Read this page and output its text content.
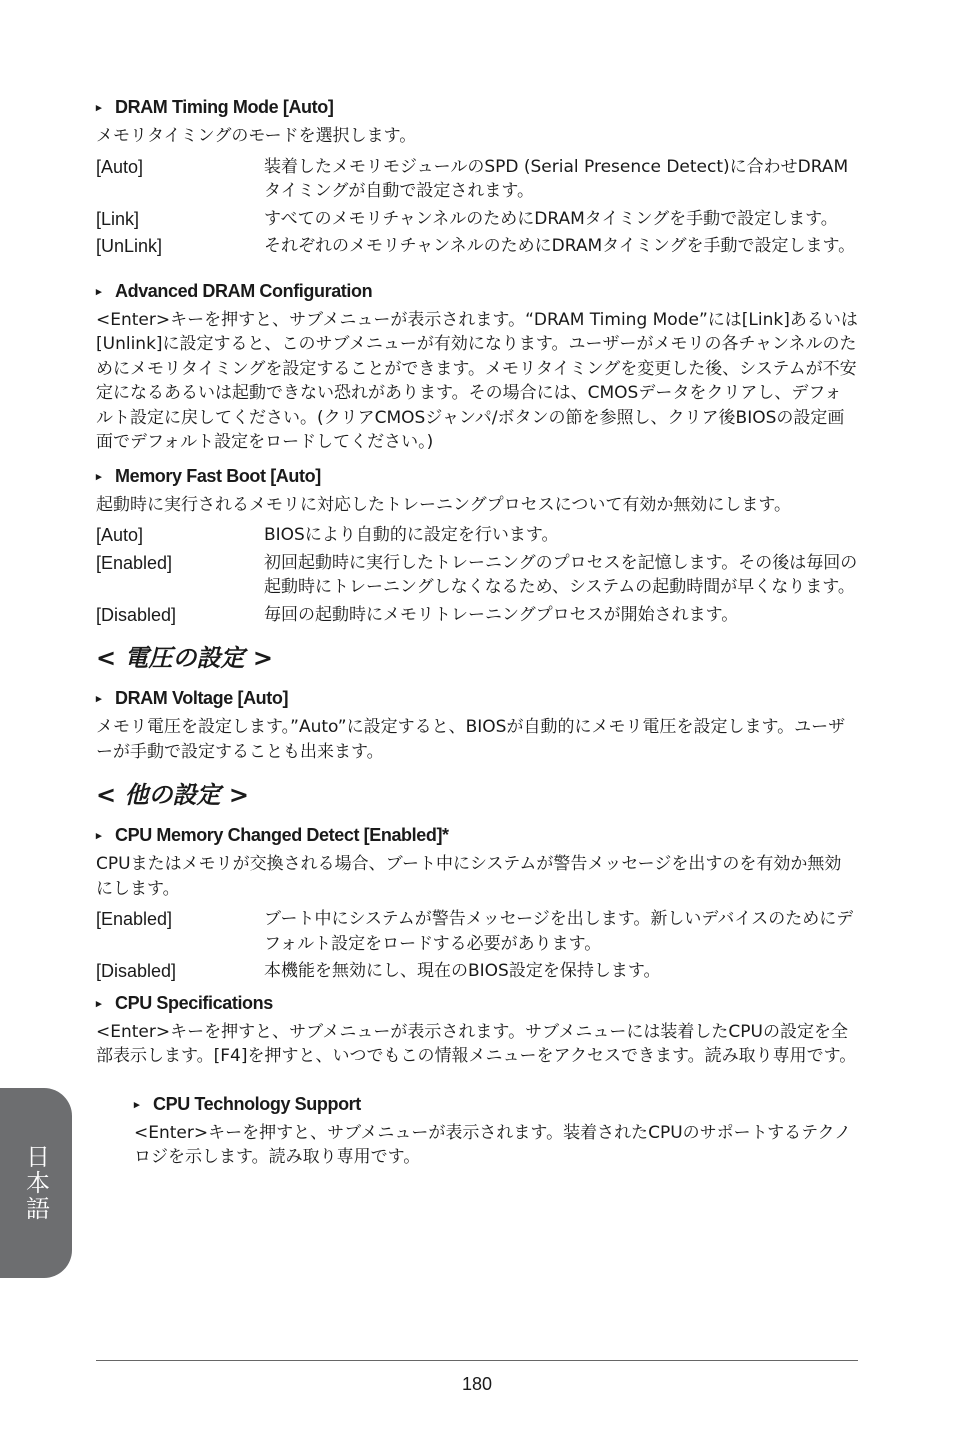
▸ DRAM Timing Mode [Auto]
メモリタイミングのモードを選択します。
[Auto]	装着したメモリモジュールのSPD (Serial Presence Detect)に合わせDRAMタイミングが自動で設定されます。
[Link]	すべてのメモリチャンネルのためにDRAMタイミングを手動で設定します。
[UnLink]	それぞれのメモリチャンネルのためにDRAMタイミングを手動で設定します。
▸ Advanced DRAM Configuration
<Enter>キーを押すと、サブメニューが表示されます。“DRAM Timing Mode”には[Link]あるいは[Unlink]に設定すると、このサブメニューが有効になります。ユーザーがメモリの各チャンネルのためにメモリタイミングを設定することができます。メモリタイミングを変更した後、システムが不安定になるあるいは起動できない恐れがあります。その場合には、CMOSデータをクリアし、デフォルト設定に戻してください。(クリアCMOSジャンパ/ボタンの節を参照し、クリア後BIOSの設定画面でデフォルト設定をロードしてください。)
▸ Memory Fast Boot [Auto]
起動時に実行されるメモリに対応したトレーニングプロセスについて有効か無効にします。
[Auto]	BIOSにより自動的に設定を行います。
[Enabled]	初回起動時に実行したトレーニングのプロセスを記憶します。その後は毎回の起動時にトレーニングしなくなるため、システムの起動時間が早くなります。
[Disabled]	毎回の起動時にメモリトレーニングプロセスが開始されます。
< 電圧の設定 >
▸ DRAM Voltage [Auto]
メモリ電圧を設定します。”Auto”に設定すると、BIOSが自動的にメモリ電圧を設定します。ユーザーが手動で設定することも出来ます。
< 他の設定 >
▸ CPU Memory Changed Detect [Enabled]*
CPUまたはメモリが交換される場合、ブート中にシステムが警告メッセージを出すのを有効か無効にします。
[Enabled]	ブート中にシステムが警告メッセージを出します。新しいデバイスのためにデフォルト設定をロードする必要があります。
[Disabled]	本機能を無効にし、現在のBIOS設定を保持します。
▸ CPU Specifications
<Enter>キーを押すと、サブメニューが表示されます。サブメニューには装着したCPUの設定を全部表示します。[F4]を押すと、いつでもこの情報メニューをアクセスできます。読み取り専用です。
▸ CPU Technology Support
<Enter>キーを押すと、サブメニューが表示されます。装着されたCPUのサポートするテクノロジを示します。読み取り専用です。
180
日本語
